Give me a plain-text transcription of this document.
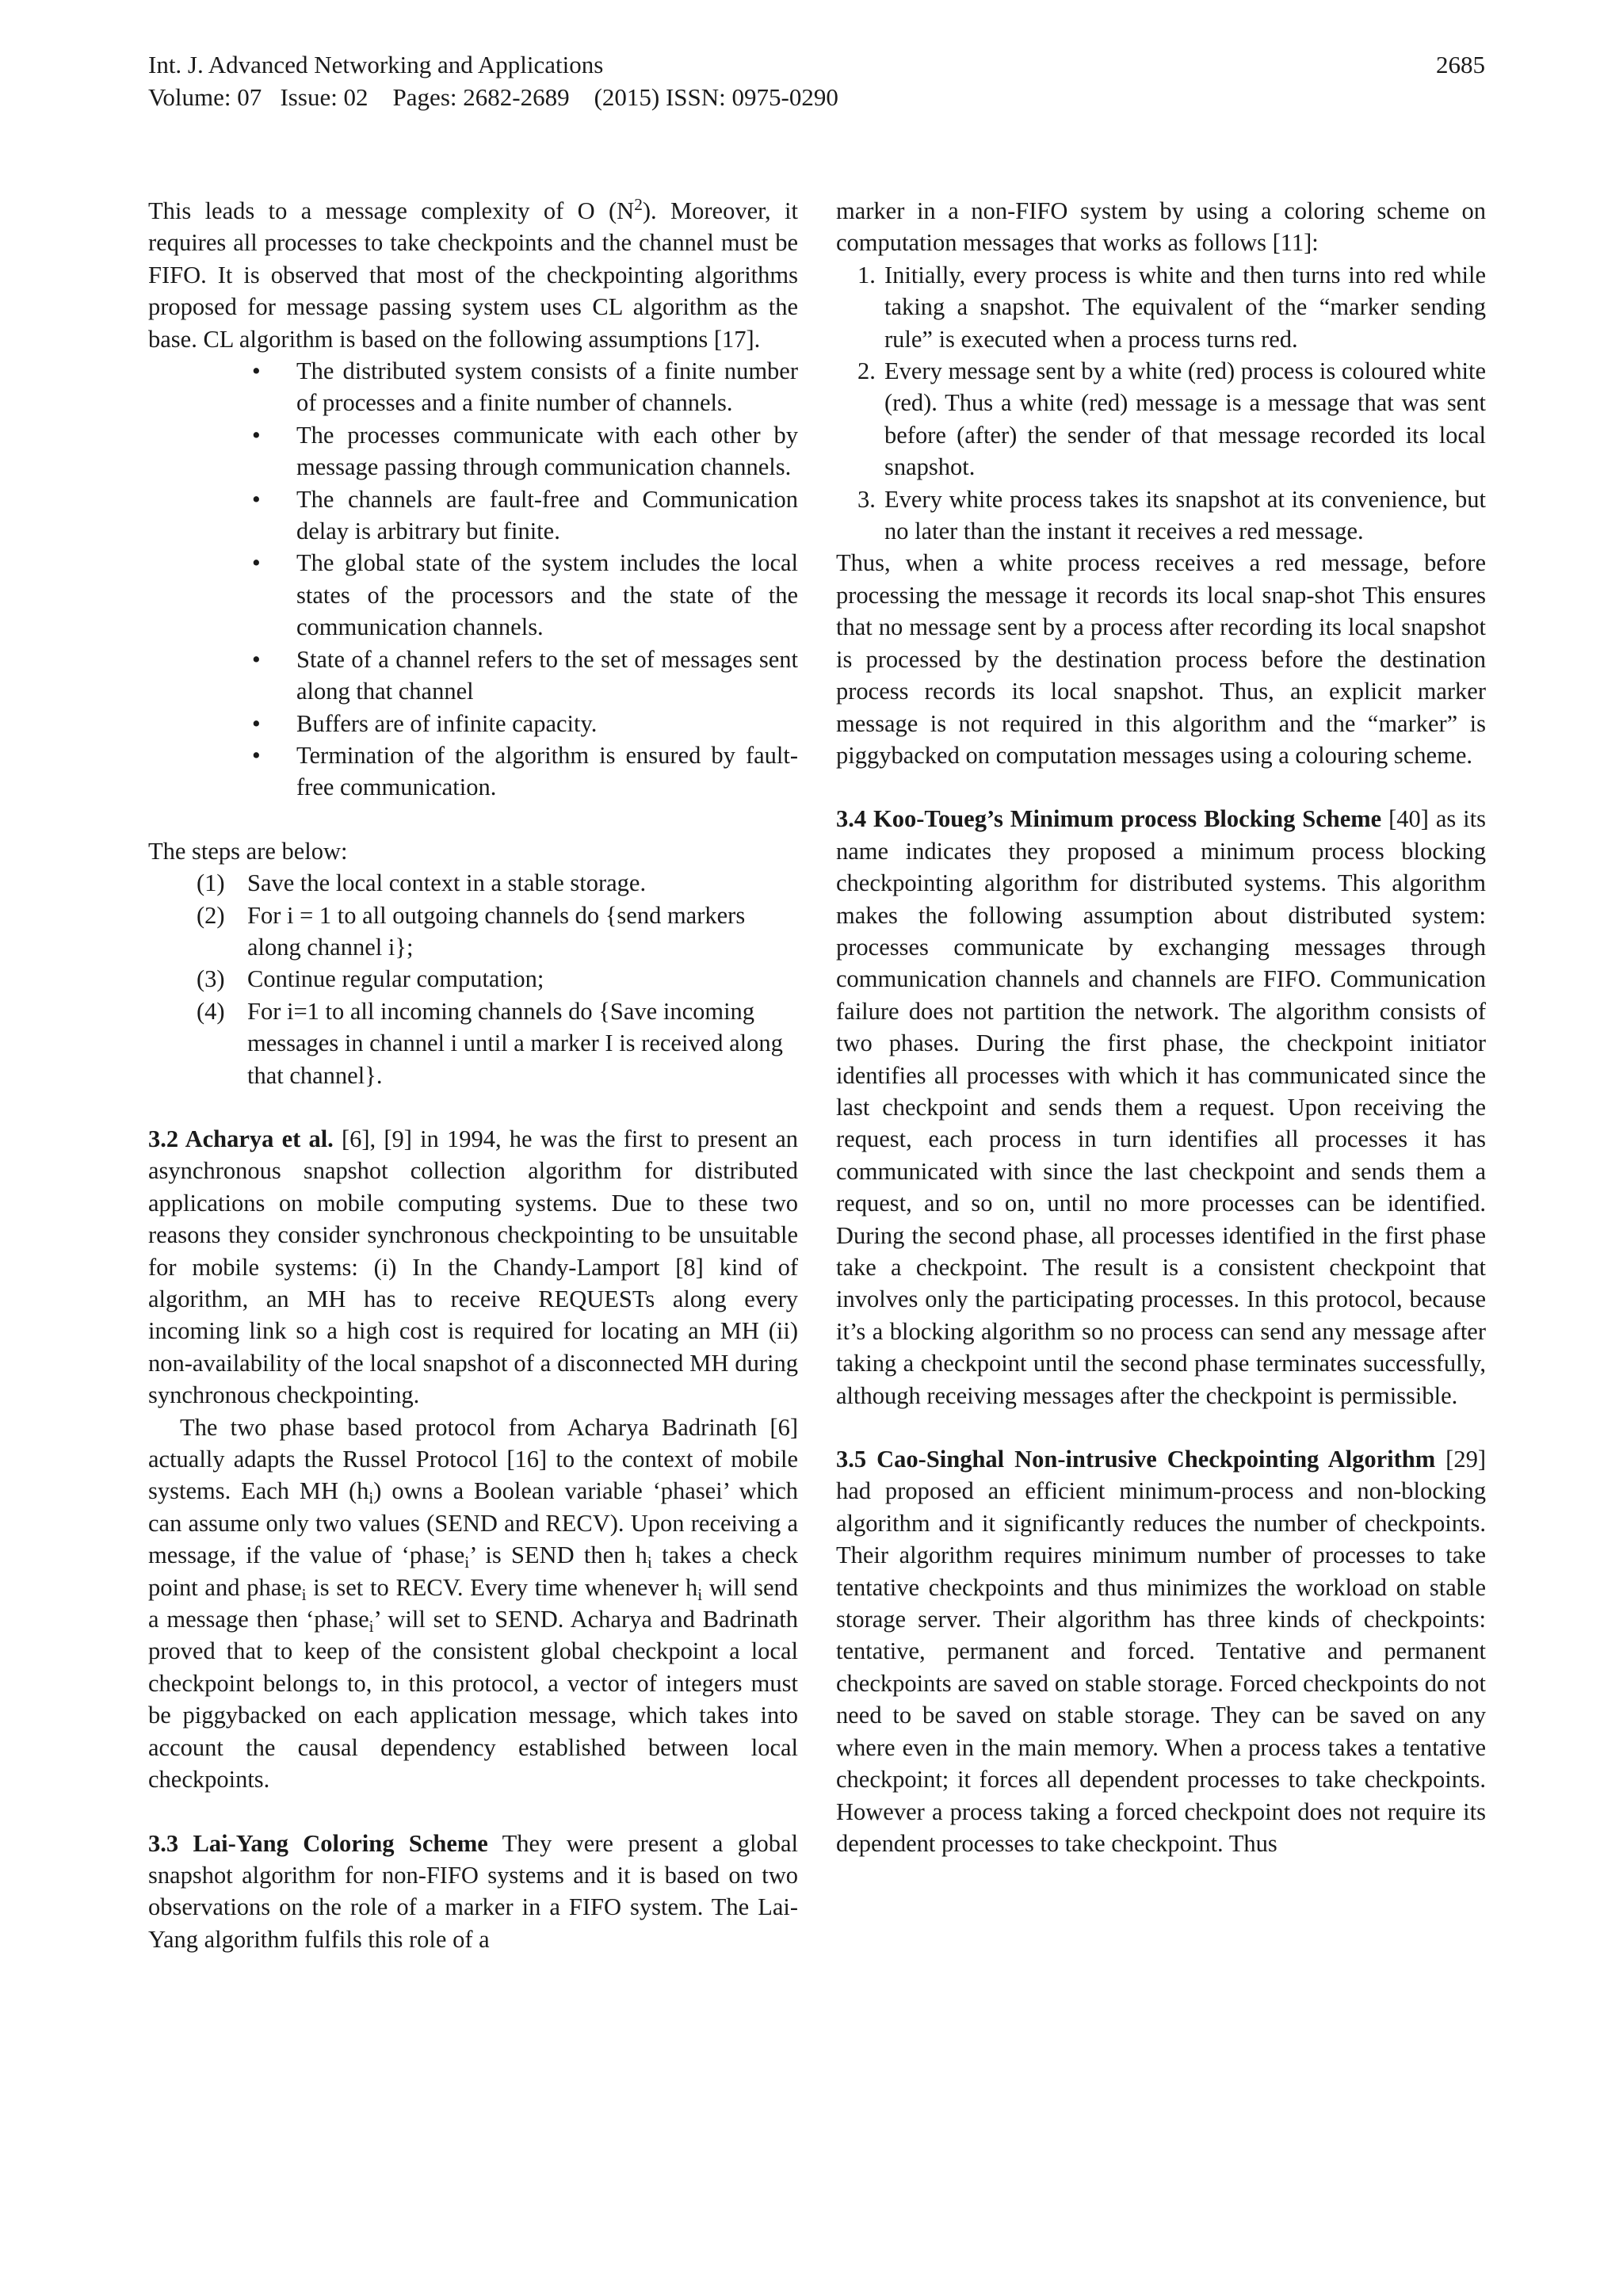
Int. J. Advanced Networking and Applications
Volume: 07   Issue: 02    Pages: 2682-2689    (2015) ISSN: 0975-0290
2685

This leads to a message complexity of O $(N^2)$. Moreover, it requires all processes to take checkpoints and the channel must be FIFO. It is observed that most of the checkpointing algorithms proposed for message passing system uses CL algorithm as the base. CL algorithm is based on the following assumptions [17].

• The distributed system consists of a finite number of processes and a finite number of channels.
• The processes communicate with each other by message passing through communication channels.
• The channels are fault-free and Communication delay is arbitrary but finite.
• The global state of the system includes the local states of the processors and the state of the communication channels.
• State of a channel refers to the set of messages sent along that channel
• Buffers are of infinite capacity.
• Termination of the algorithm is ensured by fault-free communication.

The steps are below:

(1) Save the local context in a stable storage.
(2) For i = 1 to all outgoing channels do {send markers along channel i};
(3) Continue regular computation;
(4) For i=1 to all incoming channels do {Save incoming messages in channel i until a marker I is received along that channel}.

3.2 Acharya et al. [6], [9] in 1994, he was the first to present an asynchronous snapshot collection algorithm for distributed applications on mobile computing systems. Due to these two reasons they consider synchronous checkpointing to be unsuitable for mobile systems: (i) In the Chandy-Lamport [8] kind of algorithm, an MH has to receive REQUESTs along every incoming link so a high cost is required for locating an MH (ii) non-availability of the local snapshot of a disconnected MH during synchronous checkpointing.

The two phase based protocol from Acharya Badrinath [6] actually adapts the Russel Protocol [16] to the context of mobile systems. Each MH $(h_i)$ owns a Boolean variable ‘phasei’ which can assume only two values (SEND and RECV). Upon receiving a message, if the value of ‘phase$_i$’ is SEND then $h_i$ takes a check point and phase$_i$ is set to RECV. Every time whenever $h_i$ will send a message then ‘phase$_i$’ will set to SEND. Acharya and Badrinath proved that to keep of the consistent global checkpoint a local checkpoint belongs to, in this protocol, a vector of integers must be piggybacked on each application message, which takes into account the causal dependency established between local checkpoints.

3.3 Lai-Yang Coloring Scheme They were present a global snapshot algorithm for non-FIFO systems and it is based on two observations on the role of a marker in a FIFO system. The Lai-Yang algorithm fulfils this role of a

marker in a non-FIFO system by using a coloring scheme on computation messages that works as follows [11]:

1. Initially, every process is white and then turns into red while taking a snapshot. The equivalent of the “marker sending rule” is executed when a process turns red.
2. Every message sent by a white (red) process is coloured white (red). Thus a white (red) message is a message that was sent before (after) the sender of that message recorded its local snapshot.
3. Every white process takes its snapshot at its convenience, but no later than the instant it receives a red message.

Thus, when a white process receives a red message, before processing the message it records its local snap-shot This ensures that no message sent by a process after recording its local snapshot is processed by the destination process before the destination process records its local snapshot. Thus, an explicit marker message is not required in this algorithm and the “marker” is piggybacked on computation messages using a colouring scheme.

3.4 Koo-Toueg’s Minimum process Blocking Scheme [40] as its name indicates they proposed a minimum process blocking checkpointing algorithm for distributed systems. This algorithm makes the following assumption about distributed system: processes communicate by exchanging messages through communication channels and channels are FIFO. Communication failure does not partition the network. The algorithm consists of two phases. During the first phase, the checkpoint initiator identifies all processes with which it has communicated since the last checkpoint and sends them a request. Upon receiving the request, each process in turn identifies all processes it has communicated with since the last checkpoint and sends them a request, and so on, until no more processes can be identified. During the second phase, all processes identified in the first phase take a checkpoint. The result is a consistent checkpoint that involves only the participating processes. In this protocol, because it’s a blocking algorithm so no process can send any message after taking a checkpoint until the second phase terminates successfully, although receiving messages after the checkpoint is permissible.

3.5 Cao-Singhal Non-intrusive Checkpointing Algorithm [29] had proposed an efficient minimum-process and non-blocking algorithm and it significantly reduces the number of checkpoints. Their algorithm requires minimum number of processes to take tentative checkpoints and thus minimizes the workload on stable storage server. Their algorithm has three kinds of checkpoints: tentative, permanent and forced. Tentative and permanent checkpoints are saved on stable storage. Forced checkpoints do not need to be saved on stable storage. They can be saved on any where even in the main memory. When a process takes a tentative checkpoint; it forces all dependent processes to take checkpoints. However a process taking a forced checkpoint does not require its dependent processes to take checkpoint. Thus
